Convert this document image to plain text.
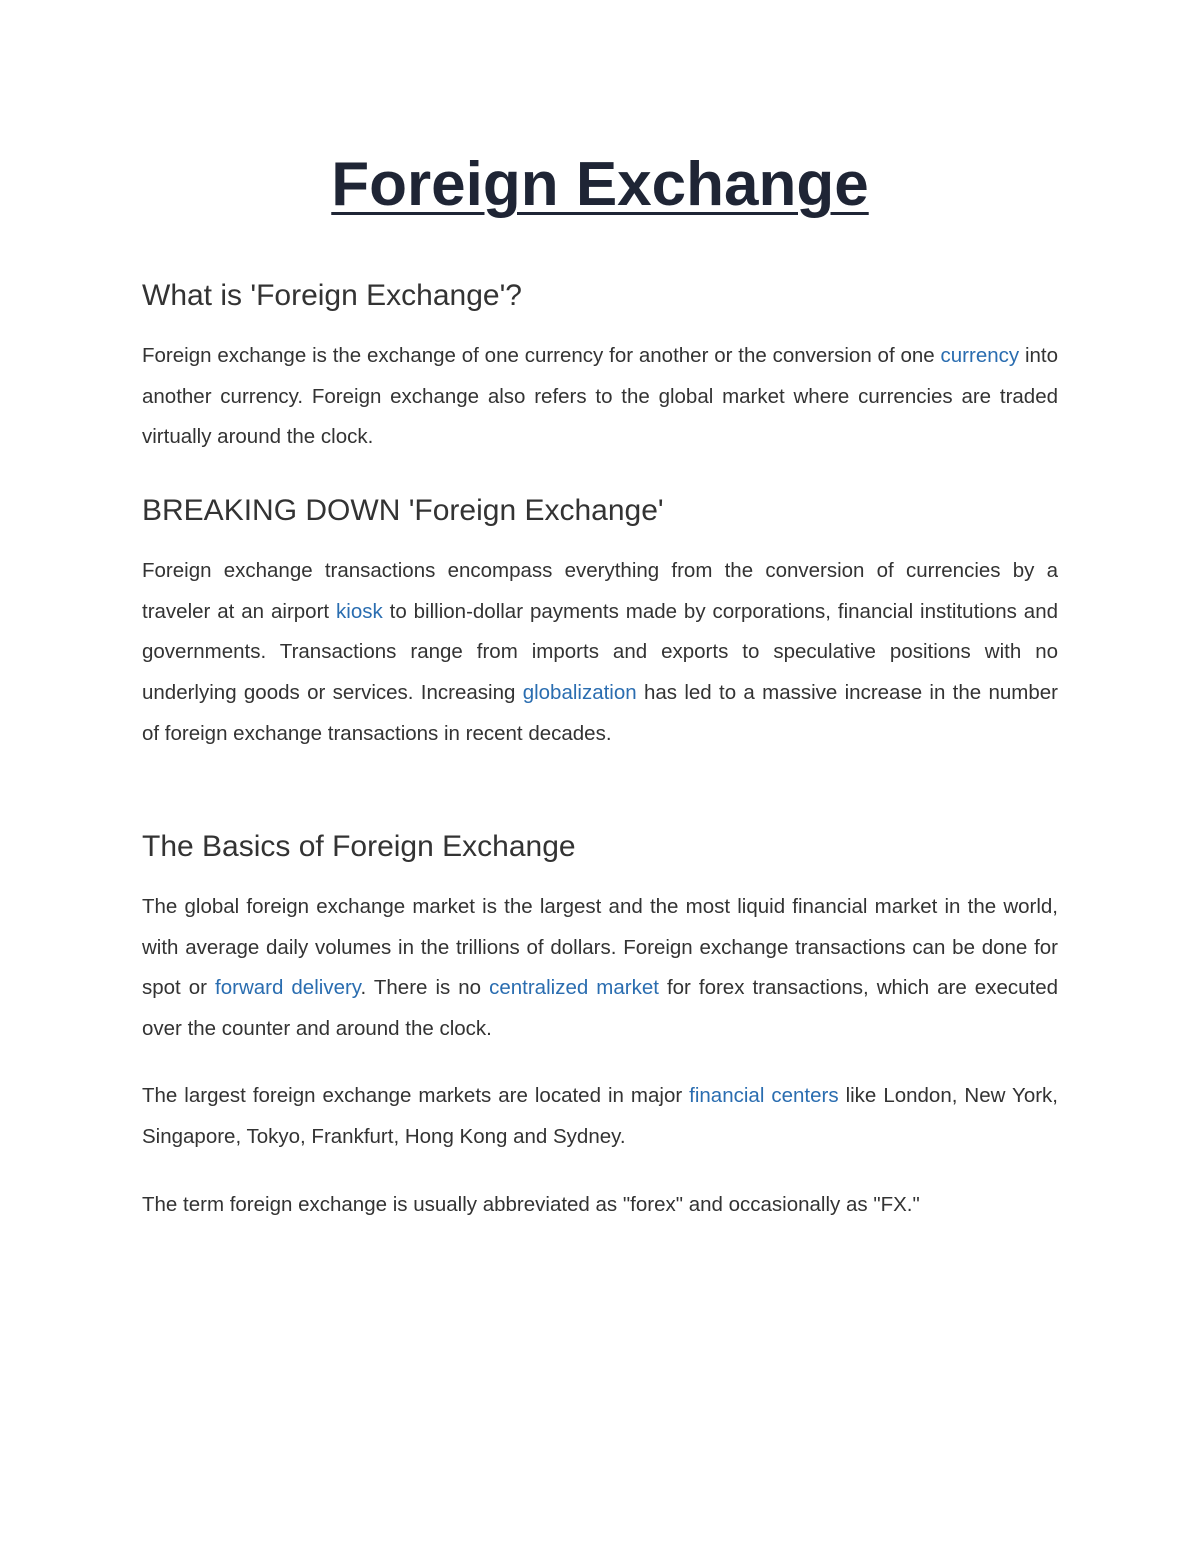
Foreign Exchange
What is 'Foreign Exchange'?

Foreign exchange is the exchange of one currency for another or the conversion of one currency into another currency. Foreign exchange also refers to the global market where currencies are traded virtually around the clock.

BREAKING DOWN 'Foreign Exchange'

Foreign exchange transactions encompass everything from the conversion of currencies by a traveler at an airport kiosk to billion-dollar payments made by corporations, financial institutions and governments. Transactions range from imports and exports to speculative positions with no underlying goods or services. Increasing globalization has led to a massive increase in the number of foreign exchange transactions in recent decades.

The Basics of Foreign Exchange

The global foreign exchange market is the largest and the most liquid financial market in the world, with average daily volumes in the trillions of dollars. Foreign exchange transactions can be done for spot or forward delivery. There is no centralized market for forex transactions, which are executed over the counter and around the clock.

The largest foreign exchange markets are located in major financial centers like London, New York, Singapore, Tokyo, Frankfurt, Hong Kong and Sydney.

The term foreign exchange is usually abbreviated as "forex" and occasionally as "FX."
